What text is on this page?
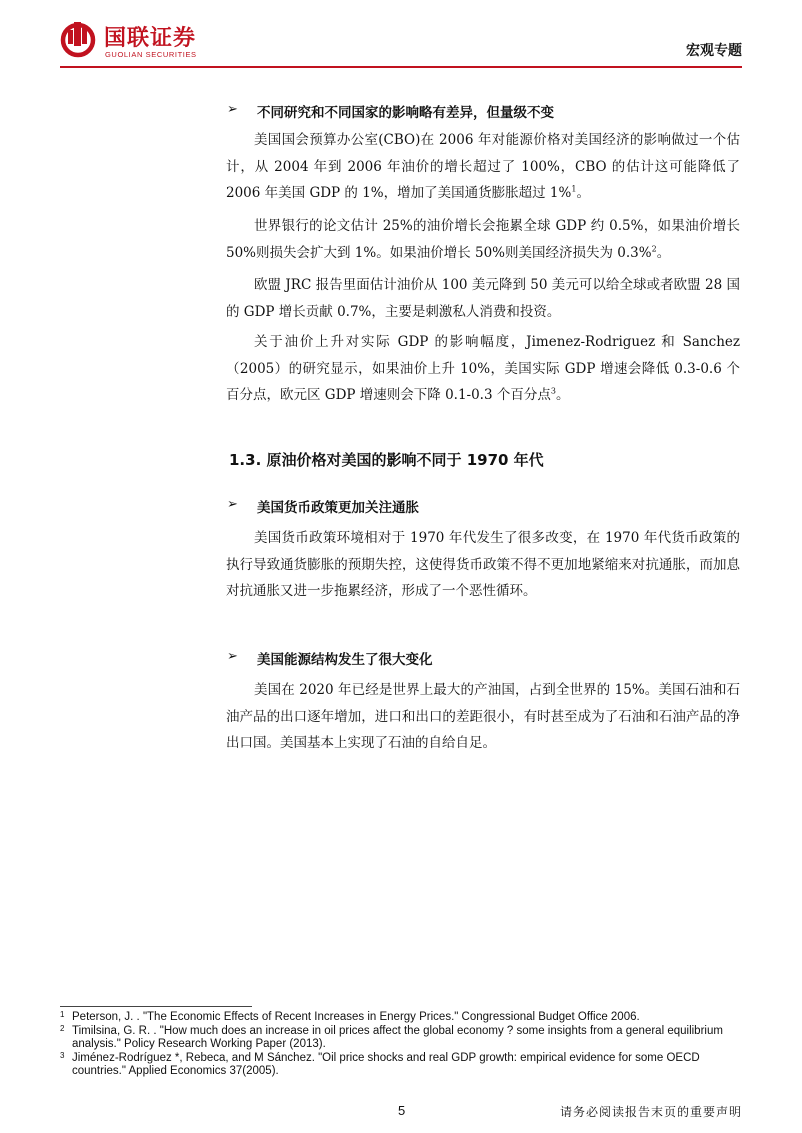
国联证券
GUOLIAN SECURITIES	宏观专题
➢ 不同研究和不同国家的影响略有差异，但量级不变
美国国会预算办公室(CBO)在 2006 年对能源价格对美国经济的影响做过一个估计，从 2004 年到 2006 年油价的增长超过了 100%，CBO 的估计这可能降低了 2006 年美国 GDP 的 1%，增加了美国通货膨胀超过 1%$^1$。
世界银行的论文估计 25%的油价增长会拖累全球 GDP 约 0.5%，如果油价增长 50%则损失会扩大到 1%。如果油价增长 50%则美国经济损失为 0.3%$^2$。
欧盟 JRC 报告里面估计油价从 100 美元降到 50 美元可以给全球或者欧盟 28 国的 GDP 增长贡献 0.7%，主要是刺激私人消费和投资。
关于油价上升对实际 GDP 的影响幅度，Jimenez-Rodriguez 和 Sanchez（2005）的研究显示，如果油价上升 10%，美国实际 GDP 增速会降低 0.3-0.6 个百分点，欧元区 GDP 增速则会下降 0.1-0.3 个百分点$^3$。
1.3. 原油价格对美国的影响不同于 1970 年代
➢ 美国货币政策更加关注通胀
美国货币政策环境相对于 1970 年代发生了很多改变，在 1970 年代货币政策的执行导致通货膨胀的预期失控，这使得货币政策不得不更加地紧缩来对抗通胀，而加息对抗通胀又进一步拖累经济，形成了一个恶性循环。
➢ 美国能源结构发生了很大变化
美国在 2020 年已经是世界上最大的产油国，占到全世界的 15%。美国石油和石油产品的出口逐年增加，进口和出口的差距很小，有时甚至成为了石油和石油产品的净出口国。美国基本上实现了石油的自给自足。
1 Peterson, J. . "The Economic Effects of Recent Increases in Energy Prices." Congressional Budget Office 2006.
2 Timilsina, G. R. . "How much does an increase in oil prices affect the global economy ? some insights from a general equilibrium analysis." Policy Research Working Paper (2013).
3 Jiménez-Rodríguez *, Rebeca, and M Sánchez. "Oil price shocks and real GDP growth: empirical evidence for some OECD countries." Applied Economics 37(2005).
5	请务必阅读报告末页的重要声明
